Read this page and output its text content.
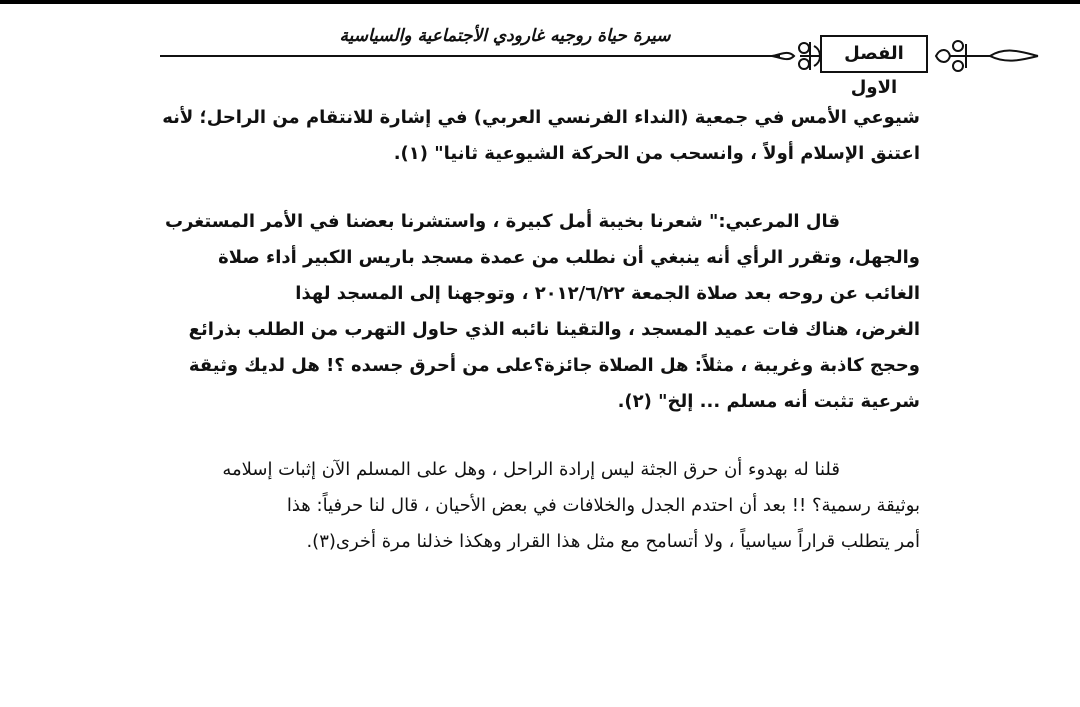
سيرة حياة روجيه غارودي الأجتماعية والسياسية
الفصل الاول
شيوعي الأمس في جمعية (النداء الفرنسي العربي) في إشارة للانتقام من الراحل؛ لأنه
اعتنق الإسلام أولاً ، وانسحب من الحركة الشيوعية ثانيا" (١).
قال المرعبي:" شعرنا بخيبة أمل كبيرة ، واستشرنا بعضنا في الأمر المستغرب
والجهل، وتقرر الرأي أنه ينبغي أن نطلب من عمدة مسجد باريس الكبير أداء صلاة
الغائب عن روحه بعد صلاة الجمعة ٢٠١٢/٦/٢٢ ، وتوجهنا إلى المسجد لهذا
الغرض، هناك فات عميد المسجد ، والتقينا نائبه الذي حاول التهرب من الطلب بذرائع
وحجج كاذبة وغريبة ، مثلاً: هل الصلاة جائزة؟على من أحرق جسده ؟! هل لديك وثيقة
شرعية تثبت أنه مسلم ... إلخ" (٢).
قلنا له بهدوء أن حرق الجثة ليس إرادة الراحل ، وهل على المسلم الآن إثبات إسلامه
بوثيقة رسمية؟ !! بعد أن احتدم الجدل والخلافات في بعض الأحيان ، قال لنا حرفياً: هذا
أمر يتطلب قراراً سياسياً ، ولا أتسامح مع مثل هذا القرار وهكذا خذلنا مرة أخرى(٣).
